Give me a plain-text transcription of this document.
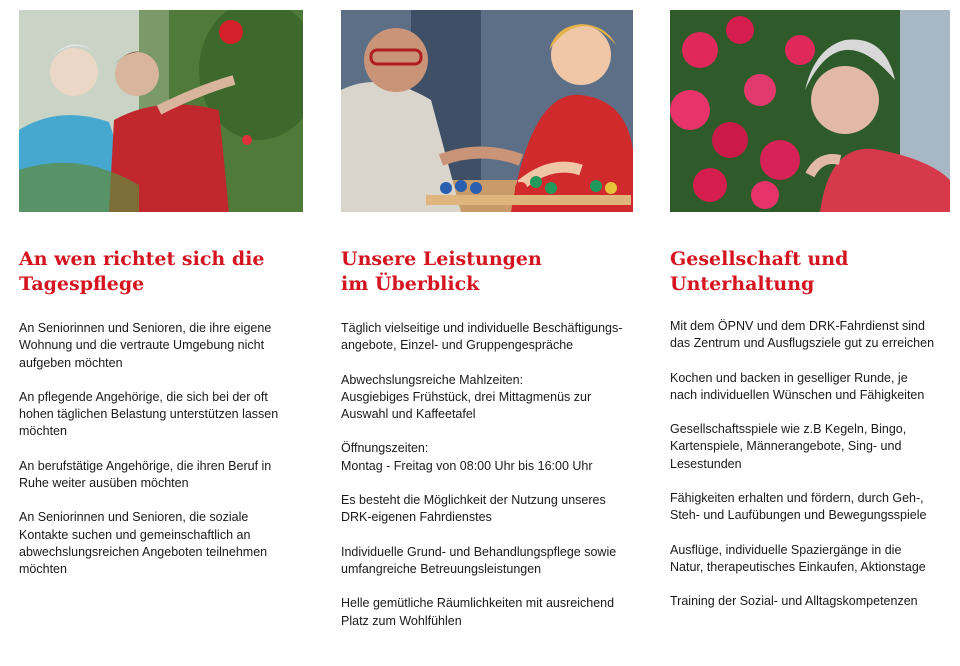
An wen richtet sich die
Tagespflege

An Seniorinnen und Senioren, die ihre eigene
Wohnung und die vertraute Umgebung nicht
aufgeben möchten

An pflegende Angehörige, die sich bei der oft
hohen täglichen Belastung unterstützen lassen
möchten

An berufstätige Angehörige, die ihren Beruf in
Ruhe weiter ausüben möchten

An Seniorinnen und Senioren, die soziale
Kontakte suchen und gemeinschaftlich an
abwechslungsreichen Angeboten teilnehmen
möchten

Unsere Leistungen
im Überblick

Täglich vielseitige und individuelle Beschäftigungs-
angebote, Einzel- und Gruppengespräche

Abwechslungsreiche Mahlzeiten:
Ausgiebiges Frühstück, drei Mittagmenüs zur
Auswahl und Kaffeetafel

Öffnungszeiten:
Montag - Freitag von 08:00 Uhr bis 16:00 Uhr

Es besteht die Möglichkeit der Nutzung unseres
DRK-eigenen Fahrdienstes

Individuelle Grund- und Behandlungspflege sowie
umfangreiche Betreuungsleistungen

Helle gemütliche Räumlichkeiten mit ausreichend
Platz zum Wohlfühlen

Gesellschaft und
Unterhaltung

Mit dem ÖPNV und dem DRK-Fahrdienst sind
das Zentrum und Ausflugsziele gut zu erreichen

Kochen und backen in geselliger Runde, je
nach individuellen Wünschen und Fähigkeiten

Gesellschaftsspiele wie z.B Kegeln, Bingo,
Kartenspiele, Männerangebote, Sing- und
Lesestunden

Fähigkeiten erhalten und fördern, durch Geh-,
Steh- und Laufübungen und Bewegungsspiele

Ausflüge, individuelle Spaziergänge in die
Natur, therapeutisches Einkaufen, Aktionstage

Training der Sozial- und Alltagskompetenzen
